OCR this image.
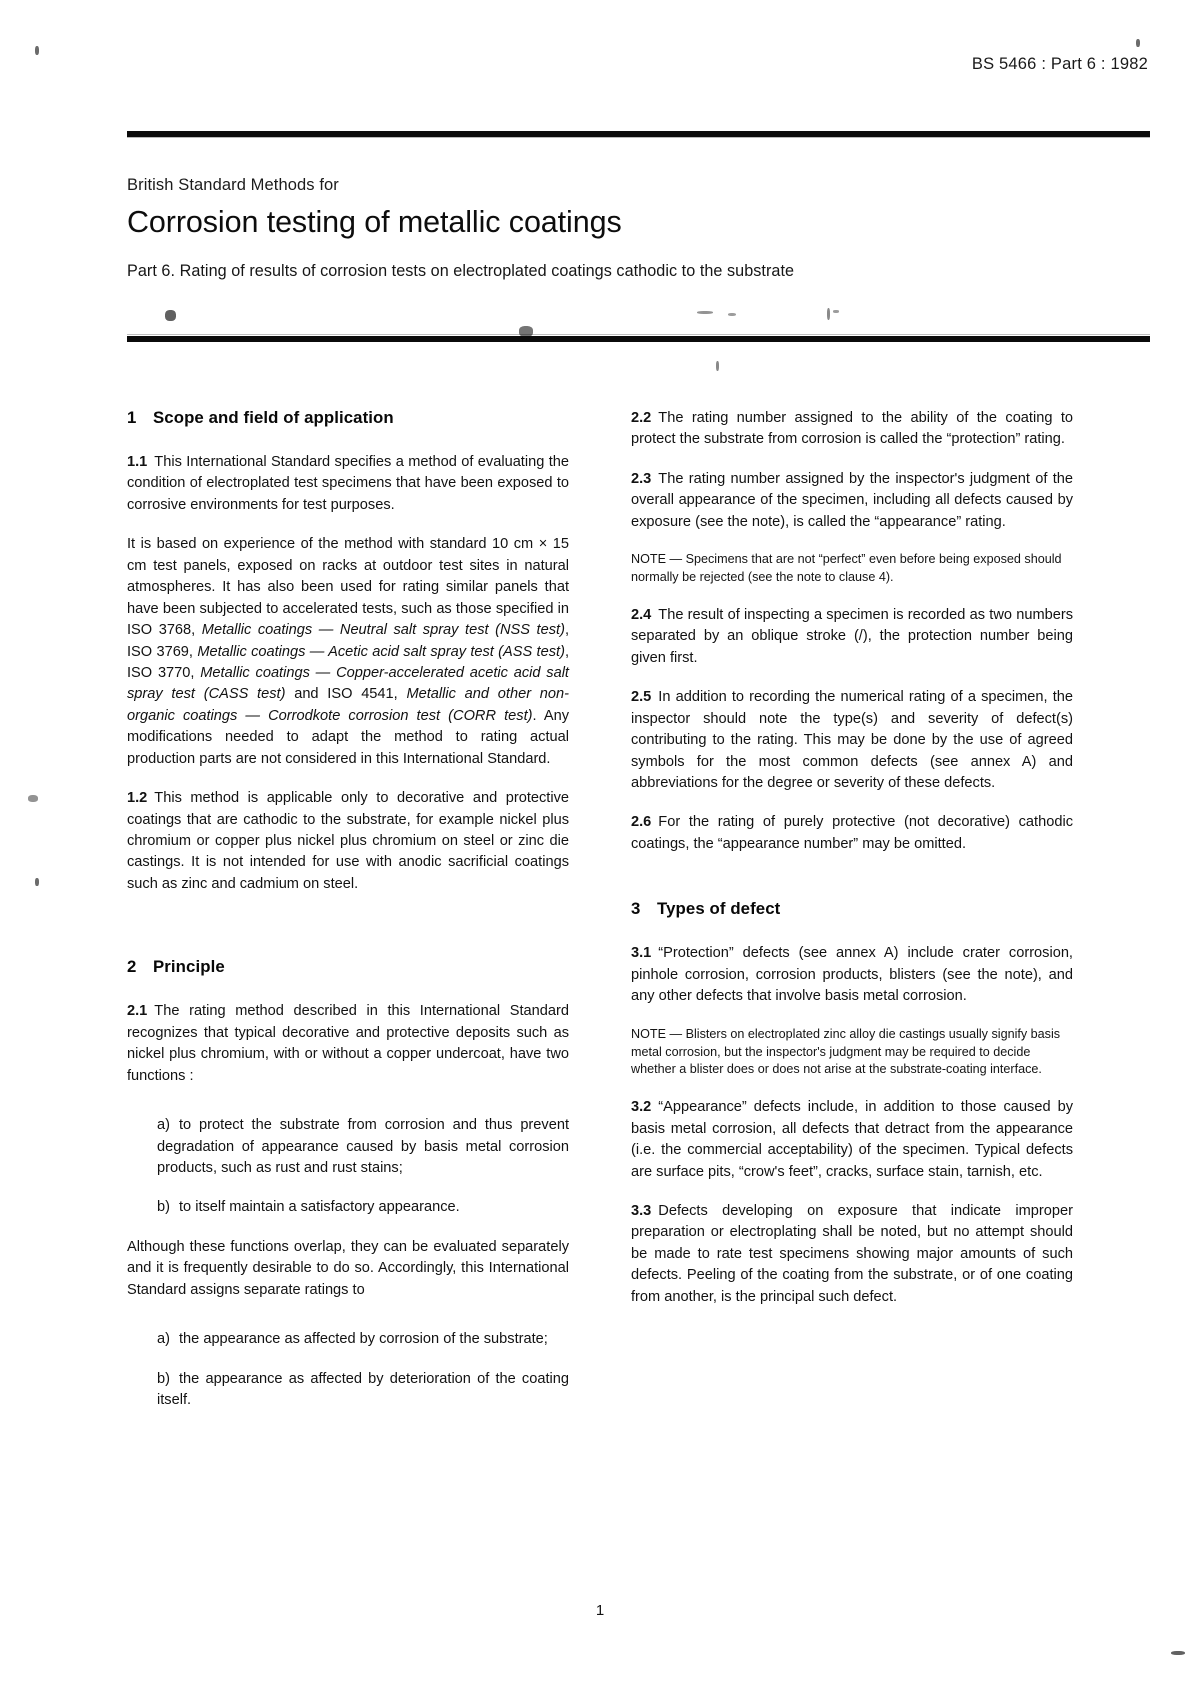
BS 5466 : Part 6 : 1982

British Standard Methods for

Corrosion testing of metallic coatings

Part 6. Rating of results of corrosion tests on electroplated coatings cathodic to the substrate

1 Scope and field of application

1.1 This International Standard specifies a method of evaluating the condition of electroplated test specimens that have been exposed to corrosive environments for test purposes.

It is based on experience of the method with standard 10 cm × 15 cm test panels, exposed on racks at outdoor test sites in natural atmospheres. It has also been used for rating similar panels that have been subjected to accelerated tests, such as those specified in ISO 3768, Metallic coatings — Neutral salt spray test (NSS test), ISO 3769, Metallic coatings — Acetic acid salt spray test (ASS test), ISO 3770, Metallic coatings — Copper-accelerated acetic acid salt spray test (CASS test) and ISO 4541, Metallic and other non-organic coatings — Corrodkote corrosion test (CORR test). Any modifications needed to adapt the method to rating actual production parts are not considered in this International Standard.

1.2 This method is applicable only to decorative and protective coatings that are cathodic to the substrate, for example nickel plus chromium or copper plus nickel plus chromium on steel or zinc die castings. It is not intended for use with anodic sacrificial coatings such as zinc and cadmium on steel.

2 Principle

2.1 The rating method described in this International Standard recognizes that typical decorative and protective deposits such as nickel plus chromium, with or without a copper undercoat, have two functions :

a) to protect the substrate from corrosion and thus prevent degradation of appearance caused by basis metal corrosion products, such as rust and rust stains;

b) to itself maintain a satisfactory appearance.

Although these functions overlap, they can be evaluated separately and it is frequently desirable to do so. Accordingly, this International Standard assigns separate ratings to

a) the appearance as affected by corrosion of the substrate;

b) the appearance as affected by deterioration of the coating itself.

2.2 The rating number assigned to the ability of the coating to protect the substrate from corrosion is called the “protection” rating.

2.3 The rating number assigned by the inspector's judgment of the overall appearance of the specimen, including all defects caused by exposure (see the note), is called the “appearance” rating.

NOTE — Specimens that are not “perfect” even before being exposed should normally be rejected (see the note to clause 4).

2.4 The result of inspecting a specimen is recorded as two numbers separated by an oblique stroke (/), the protection number being given first.

2.5 In addition to recording the numerical rating of a specimen, the inspector should note the type(s) and severity of defect(s) contributing to the rating. This may be done by the use of agreed symbols for the most common defects (see annex A) and abbreviations for the degree or severity of these defects.

2.6 For the rating of purely protective (not decorative) cathodic coatings, the “appearance number” may be omitted.

3 Types of defect

3.1 “Protection” defects (see annex A) include crater corrosion, pinhole corrosion, corrosion products, blisters (see the note), and any other defects that involve basis metal corrosion.

NOTE — Blisters on electroplated zinc alloy die castings usually signify basis metal corrosion, but the inspector's judgment may be required to decide whether a blister does or does not arise at the substrate-coating interface.

3.2 “Appearance” defects include, in addition to those caused by basis metal corrosion, all defects that detract from the appearance (i.e. the commercial acceptability) of the specimen. Typical defects are surface pits, “crow's feet”, cracks, surface stain, tarnish, etc.

3.3 Defects developing on exposure that indicate improper preparation or electroplating shall be noted, but no attempt should be made to rate test specimens showing major amounts of such defects. Peeling of the coating from the substrate, or of one coating from another, is the principal such defect.

1
